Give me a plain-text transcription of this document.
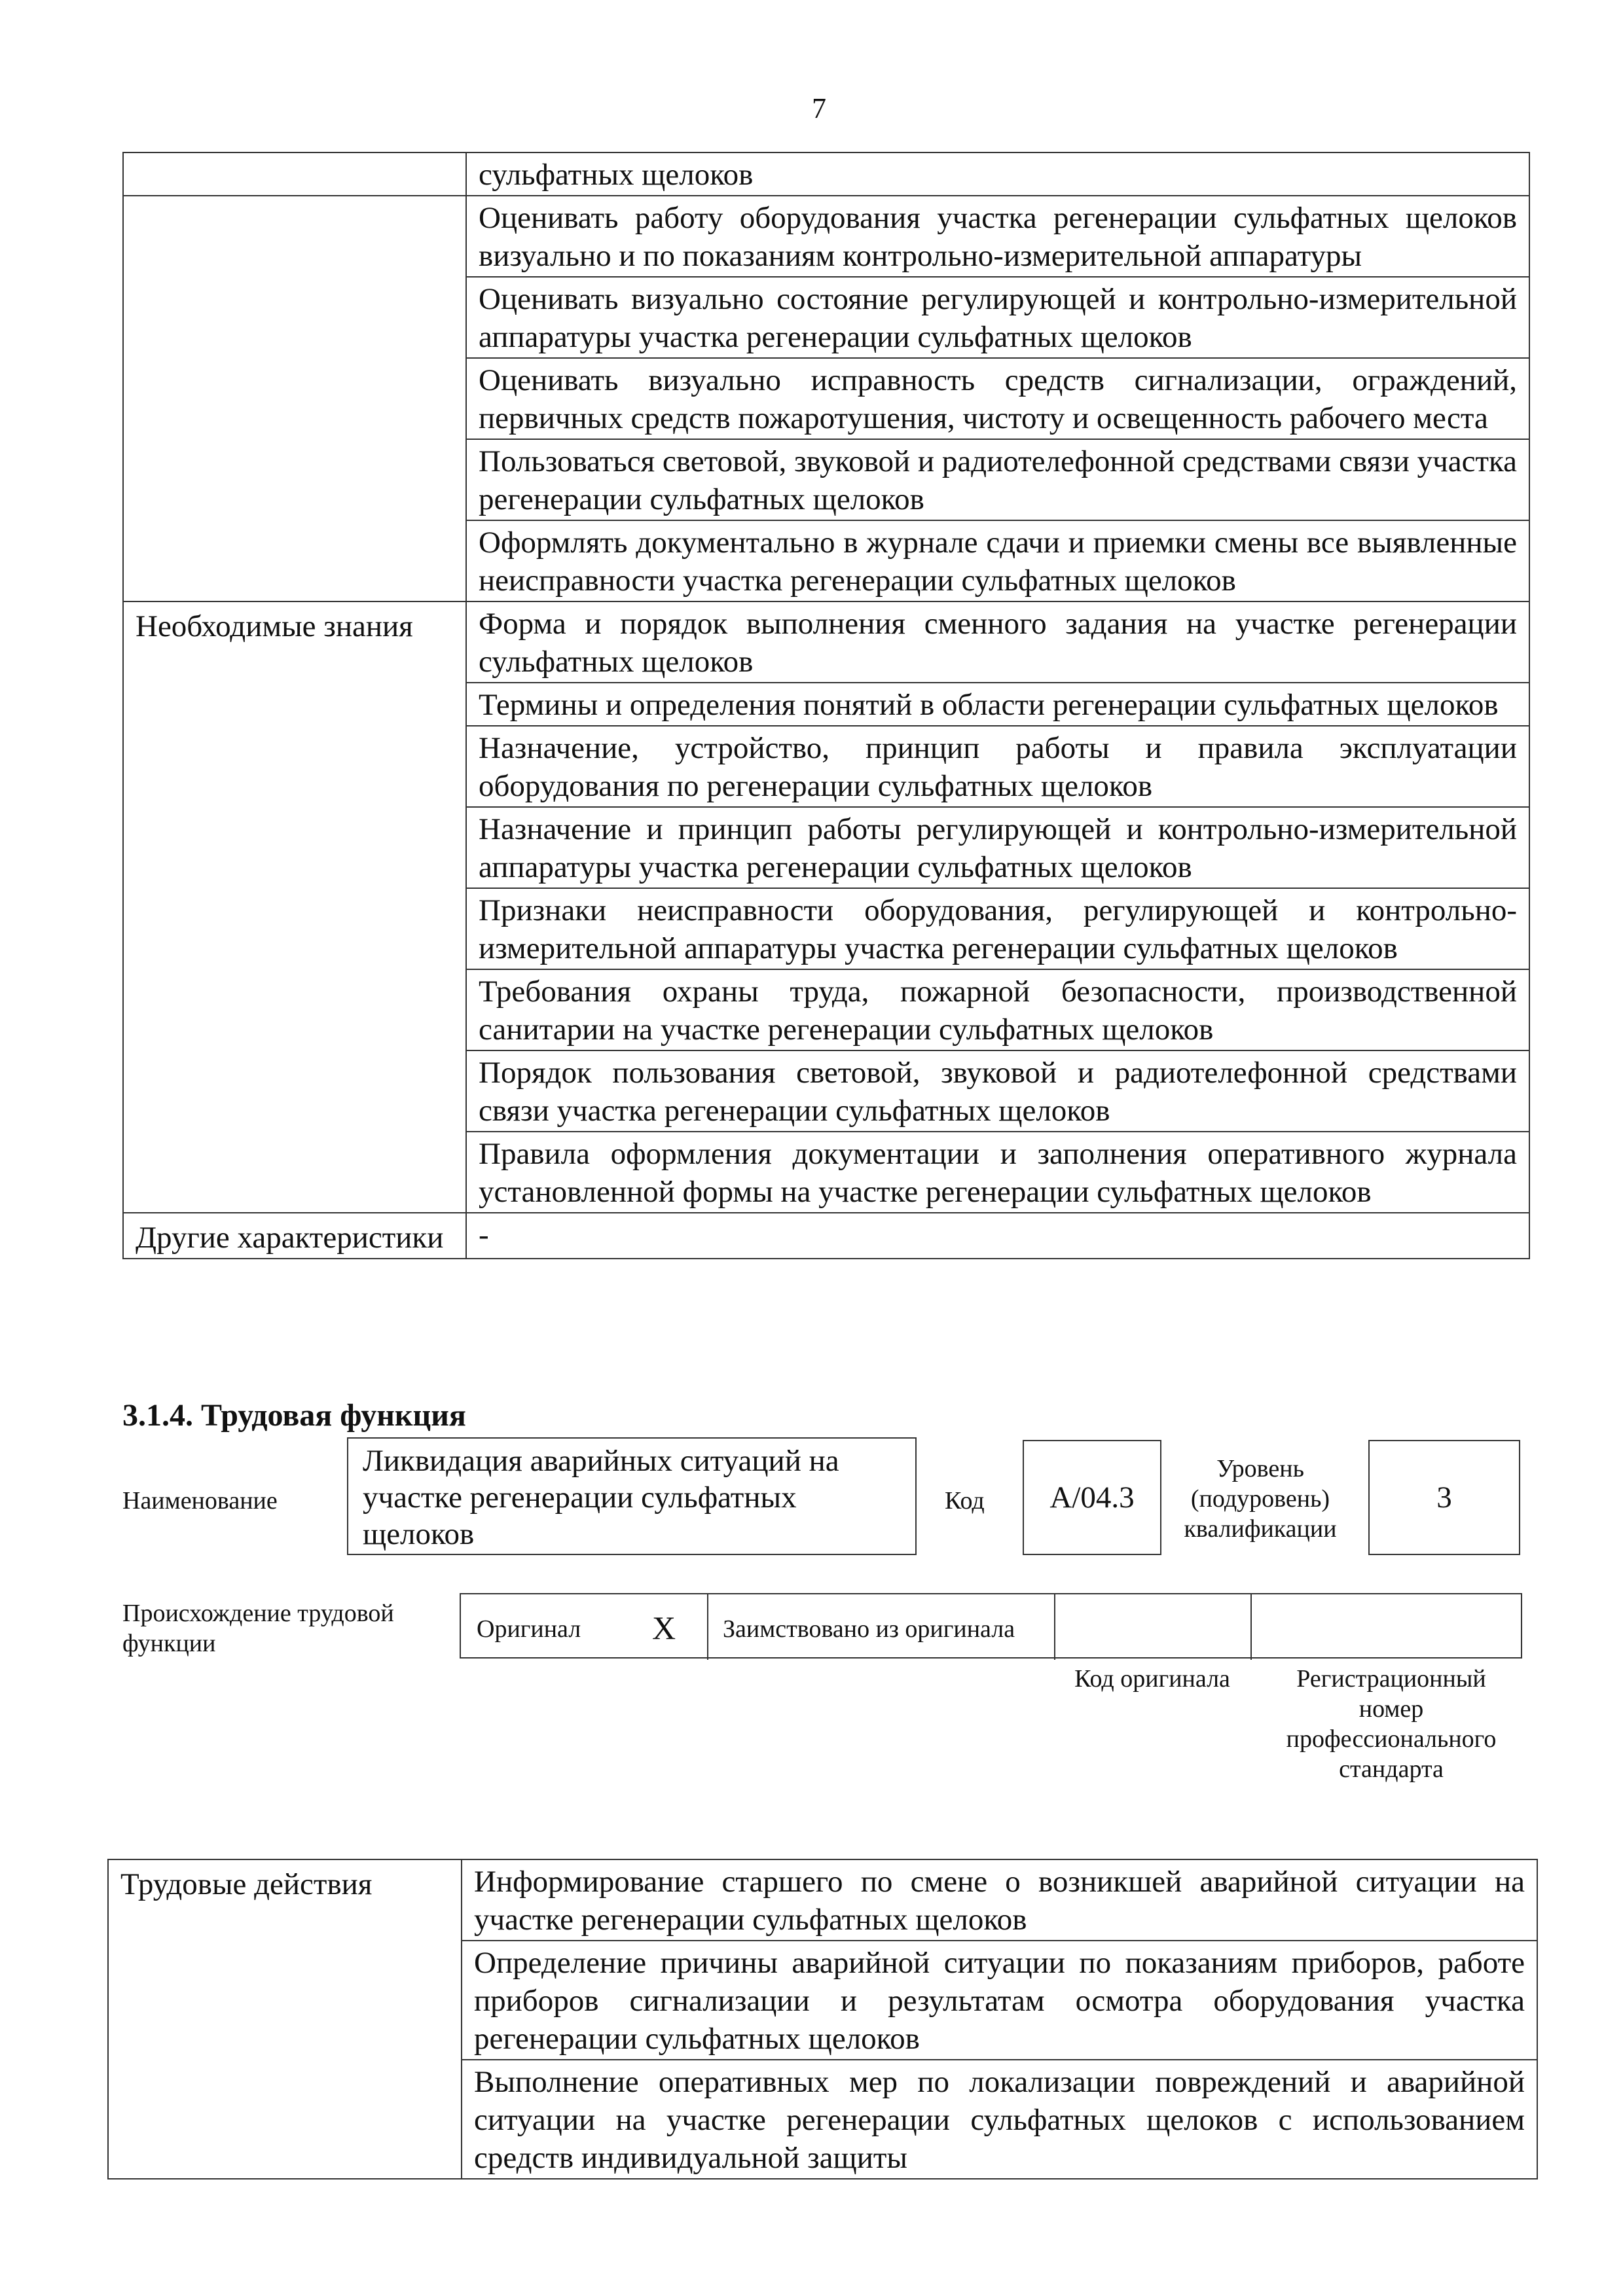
7
	сульфатных щелоков
	Оценивать работу оборудования участка регенерации сульфатных щелоков визуально и по показаниям контрольно-измерительной аппаратуры
	Оценивать визуально состояние регулирующей и контрольно-измерительной аппаратуры участка регенерации сульфатных щелоков
	Оценивать визуально исправность средств сигнализации, ограждений, первичных средств пожаротушения, чистоту и освещенность рабочего места
	Пользоваться световой, звуковой и радиотелефонной средствами связи участка регенерации сульфатных щелоков
	Оформлять документально в журнале сдачи и приемки смены все выявленные неисправности участка регенерации сульфатных щелоков
Необходимые знания	Форма и порядок выполнения сменного задания на участке регенерации сульфатных щелоков
	Термины и определения понятий в области регенерации сульфатных щелоков
	Назначение, устройство, принцип работы и правила эксплуатации оборудования по регенерации сульфатных щелоков
	Назначение и принцип работы регулирующей и контрольно-измерительной аппаратуры участка регенерации сульфатных щелоков
	Признаки неисправности оборудования, регулирующей и контрольно-измерительной аппаратуры участка регенерации сульфатных щелоков
	Требования охраны труда, пожарной безопасности, производственной санитарии на участке регенерации сульфатных щелоков
	Порядок пользования световой, звуковой и радиотелефонной средствами связи участка регенерации сульфатных щелоков
	Правила оформления документации и заполнения оперативного журнала установленной формы на участке регенерации сульфатных щелоков
Другие характеристики	-
3.1.4. Трудовая функция
Наименование
Ликвидация аварийных ситуаций на участке регенерации сульфатных щелоков
Код	А/04.3
Уровень (подуровень) квалификации
3
Происхождение трудовой функции
Оригинал Х Заимствовано из оригинала
Код оригинала	Регистрационный номер профессионального стандарта
Трудовые действия	Информирование старшего по смене о возникшей аварийной ситуации на участке регенерации сульфатных щелоков
Определение причины аварийной ситуации по показаниям приборов, работе приборов сигнализации и результатам осмотра оборудования участка регенерации сульфатных щелоков
Выполнение оперативных мер по локализации повреждений и аварийной ситуации на участке регенерации сульфатных щелоков с использованием средств индивидуальной защиты
